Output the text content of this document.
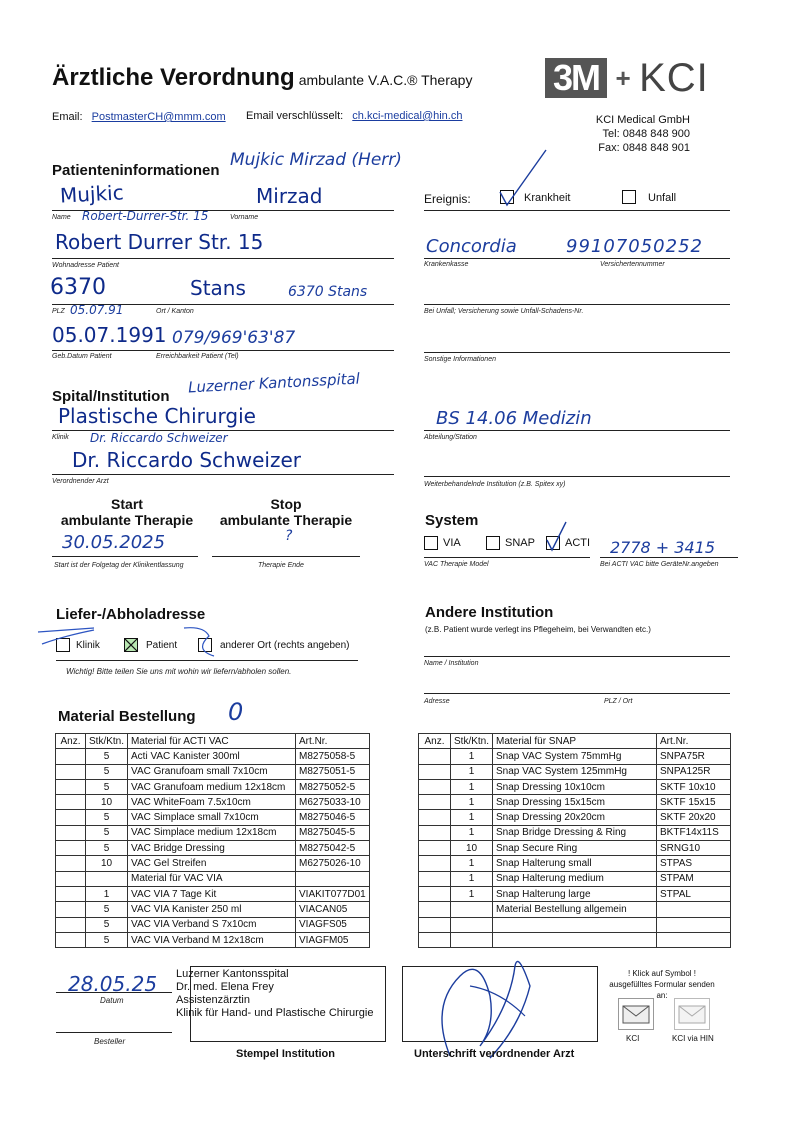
Ärztliche Verordnung ambulante V.A.C.® Therapy 3M + KCI
Email: PostmasterCH@mmm.com Email verschlüsselt: ch.kci-medical@hin.ch	KCI Medical GmbH
Tel: 0848 848 900
Fax: 0848 848 901
Patienteninformationen
Mujkic Mirzad (Herr)
Mujkic	Mirzad
Name	Vorname
Robert-Durrer-Str. 15
Robert Durrer Str. 15
Wohnadresse Patient
6370	Stans	6370 Stans
PLZ 05.07.91	Ort / Kanton
05.07.1991 079/969'63'87
Geb.Datum Patient	Erreichbarkeit Patient (Tel)
Ereignis:	Krankheit	Unfall
Concordia	99107050252
Krankenkasse	Versichertennummer
Bei Unfall; Versicherung sowie Unfall-Schadens-Nr.
Sonstige Informationen
Spital/Institution
Luzerner Kantonsspital
Plastische Chirurgie
Klinik Dr. Riccardo Schweizer
Dr. Riccardo Schweizer
Verordnender Arzt
BS 14.06 Medizin
Abteilung/Station
Weiterbehandelnde Institution (z.B. Spitex xy)
Start
ambulante Therapie
Stop
ambulante Therapie
30.05.2025	?
Start ist der Folgetag der Klinikentlassung	Therapie Ende
System
VIA	SNAP	ACTI 2778 + 3415
VAC Therapie Model	Bei ACTI VAC bitte GeräteNr.angeben
Liefer-/Abholadresse
Klinik	Patient	anderer Ort (rechts angeben)
Wichtig! Bitte teilen Sie uns mit wohin wir liefern/abholen sollen.
Andere Institution
(z.B. Patient wurde verlegt ins Pflegeheim, bei Verwandten etc.)
Name / Institution
Adresse	PLZ / Ort
Material Bestellung 0
Anz.	Stk/Ktn.	Material für ACTI VAC	Art.Nr.
	5	Acti VAC Kanister 300ml	M8275058-5
	5	VAC Granufoam small 7x10cm	M8275051-5
	5	VAC Granufoam medium 12x18cm	M8275052-5
	10	VAC WhiteFoam 7.5x10cm	M6275033-10
	5	VAC Simplace small 7x10cm	M8275046-5
	5	VAC Simplace medium 12x18cm	M8275045-5
	5	VAC Bridge Dressing	M8275042-5
	10	VAC Gel Streifen	M6275026-10
		Material für VAC VIA	
	1	VAC VIA 7 Tage Kit	VIAKIT077D01
	5	VAC VIA Kanister 250 ml	VIACAN05
	5	VAC VIA Verband S 7x10cm	VIAGFS05
	5	VAC VIA Verband M 12x18cm	VIAGFM05
Anz.	Stk/Ktn.	Material für SNAP	Art.Nr.
	1	Snap VAC System 75mmHg	SNPA75R
	1	Snap VAC System 125mmHg	SNPA125R
	1	Snap Dressing 10x10cm	SKTF 10x10
	1	Snap Dressing 15x15cm	SKTF 15x15
	1	Snap Dressing 20x20cm	SKTF 20x20
	1	Snap Bridge Dressing & Ring	BKTF14x11S
	10	Snap Secure Ring	SRNG10
	1	Snap Halterung small	STPAS
	1	Snap Halterung medium	STPAM
	1	Snap Halterung large	STPAL
		Material Bestellung allgemein	

28.05.25
Datum
Besteller
Luzerner Kantonsspital
Dr. med. Elena Frey
Assistenzärztin
Klinik für Hand- und Plastische Chirurgie
Stempel Institution	Unterschrift verordnender Arzt
! Klick auf Symbol !
ausgefülltes Formular senden an:
KCI	KCI via HIN
